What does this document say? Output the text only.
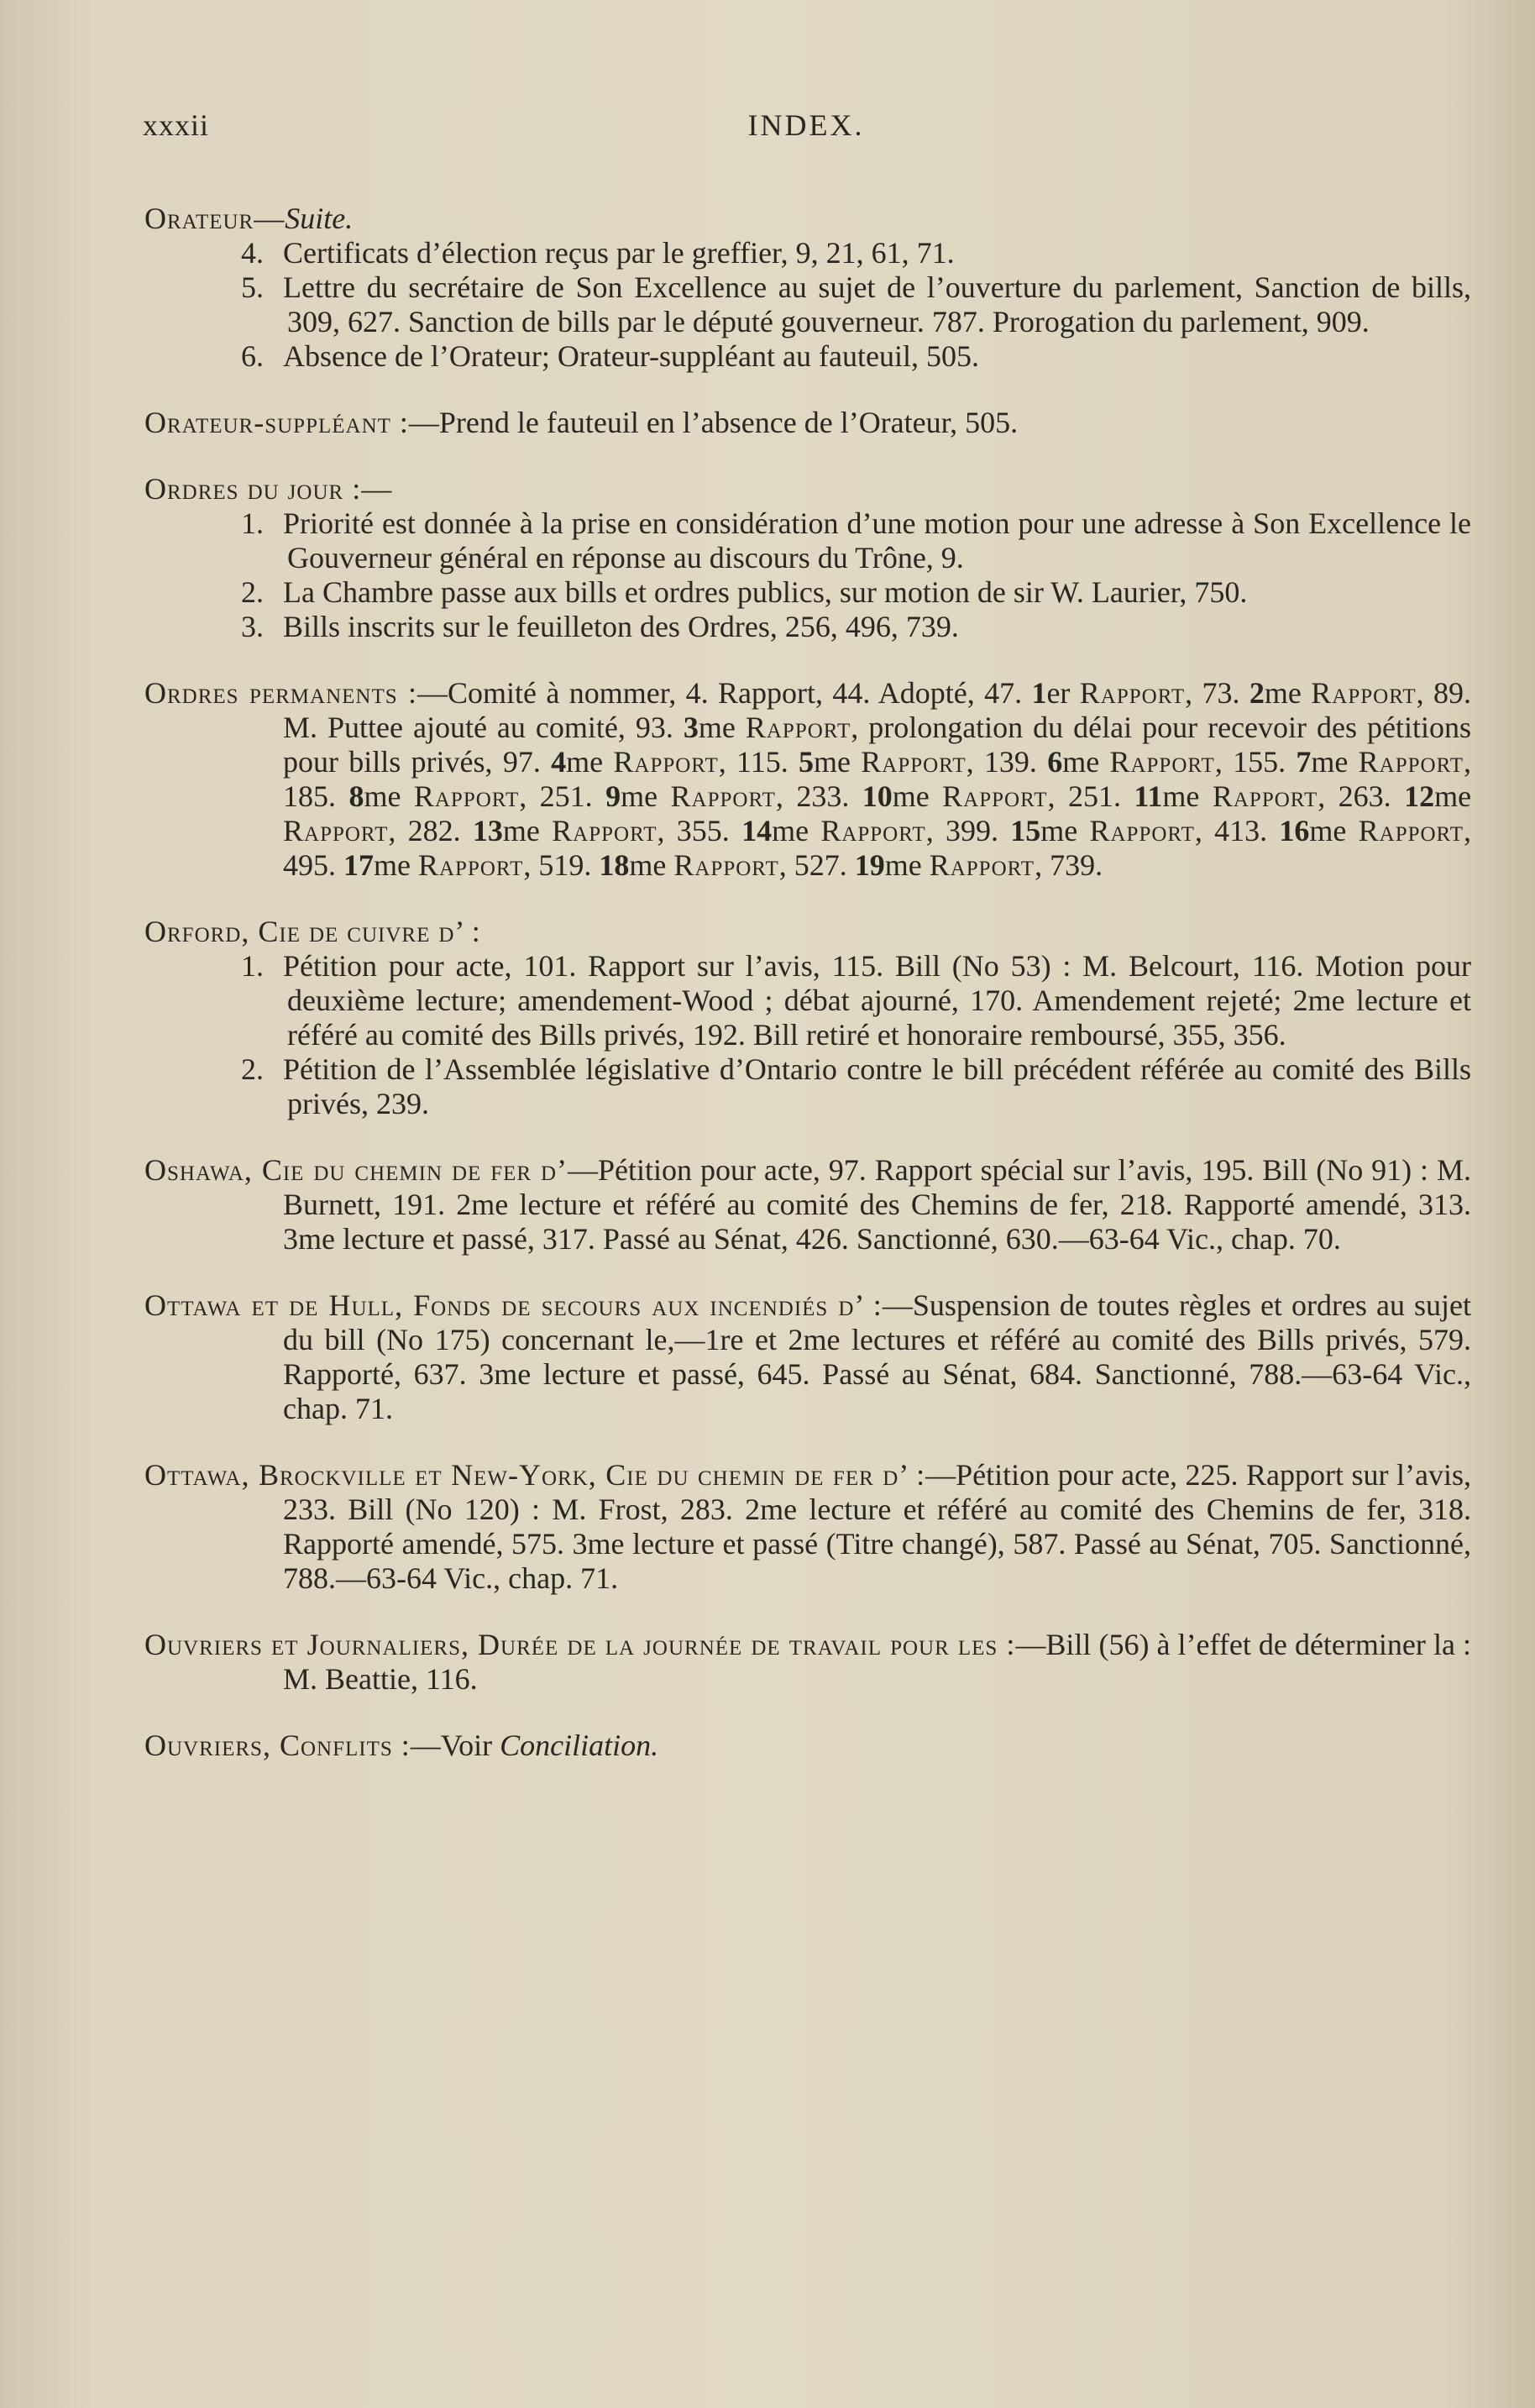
xxxii	INDEX.

Orateur—Suite.

4. Certificats d’élection reçus par le greffier, 9, 21, 61, 71.

5. Lettre du secrétaire de Son Excellence au sujet de l’ouverture du parlement, Sanction de bills, 309, 627. Sanction de bills par le député gouverneur. 787. Prorogation du parlement, 909.

6. Absence de l’Orateur; Orateur-suppléant au fauteuil, 505.

Orateur-suppléant :—Prend le fauteuil en l’absence de l’Orateur, 505.

Ordres du jour :—

1. Priorité est donnée à la prise en considération d’une motion pour une adresse à Son Excellence le Gouverneur général en réponse au discours du Trône, 9.

2. La Chambre passe aux bills et ordres publics, sur motion de sir W. Laurier, 750.

3. Bills inscrits sur le feuilleton des Ordres, 256, 496, 739.

Ordres permanents :—Comité à nommer, 4. Rapport, 44. Adopté, 47. 1er Rapport, 73. 2me Rapport, 89. M. Puttee ajouté au comité, 93. 3me Rapport, prolongation du délai pour recevoir des pétitions pour bills privés, 97. 4me Rapport, 115. 5me Rapport, 139. 6me Rapport, 155. 7me Rapport, 185. 8me Rapport, 251. 9me Rapport, 233. 10me Rapport, 251. 11me Rapport, 263. 12me Rapport, 282. 13me Rapport, 355. 14me Rapport, 399. 15me Rapport, 413. 16me Rapport, 495. 17me Rapport, 519. 18me Rapport, 527. 19me Rapport, 739.

Orford, Cie de cuivre d’ :

1. Pétition pour acte, 101. Rapport sur l’avis, 115. Bill (No 53) : M. Belcourt, 116. Motion pour deuxième lecture; amendement-Wood ; débat ajourné, 170. Amendement rejeté; 2me lecture et référé au comité des Bills privés, 192. Bill retiré et honoraire remboursé, 355, 356.

2. Pétition de l’Assemblée législative d’Ontario contre le bill précédent référée au comité des Bills privés, 239.

Oshawa, Cie du chemin de fer d’—Pétition pour acte, 97. Rapport spécial sur l’avis, 195. Bill (No 91) : M. Burnett, 191. 2me lecture et référé au comité des Chemins de fer, 218. Rapporté amendé, 313. 3me lecture et passé, 317. Passé au Sénat, 426. Sanctionné, 630.—63-64 Vic., chap. 70.

Ottawa et de Hull, Fonds de secours aux incendiés d’ :—Suspension de toutes règles et ordres au sujet du bill (No 175) concernant le,—1re et 2me lectures et référé au comité des Bills privés, 579. Rapporté, 637. 3me lecture et passé, 645. Passé au Sénat, 684. Sanctionné, 788.—63-64 Vic., chap. 71.

Ottawa, Brockville et New-York, Cie du chemin de fer d’ :—Pétition pour acte, 225. Rapport sur l’avis, 233. Bill (No 120) : M. Frost, 283. 2me lecture et référé au comité des Chemins de fer, 318. Rapporté amendé, 575. 3me lecture et passé (Titre changé), 587. Passé au Sénat, 705. Sanctionné, 788.—63-64 Vic., chap. 71.

Ouvriers et Journaliers, Durée de la journée de travail pour les :—Bill (56) à l’effet de déterminer la : M. Beattie, 116.

Ouvriers, Conflits :—Voir Conciliation.
